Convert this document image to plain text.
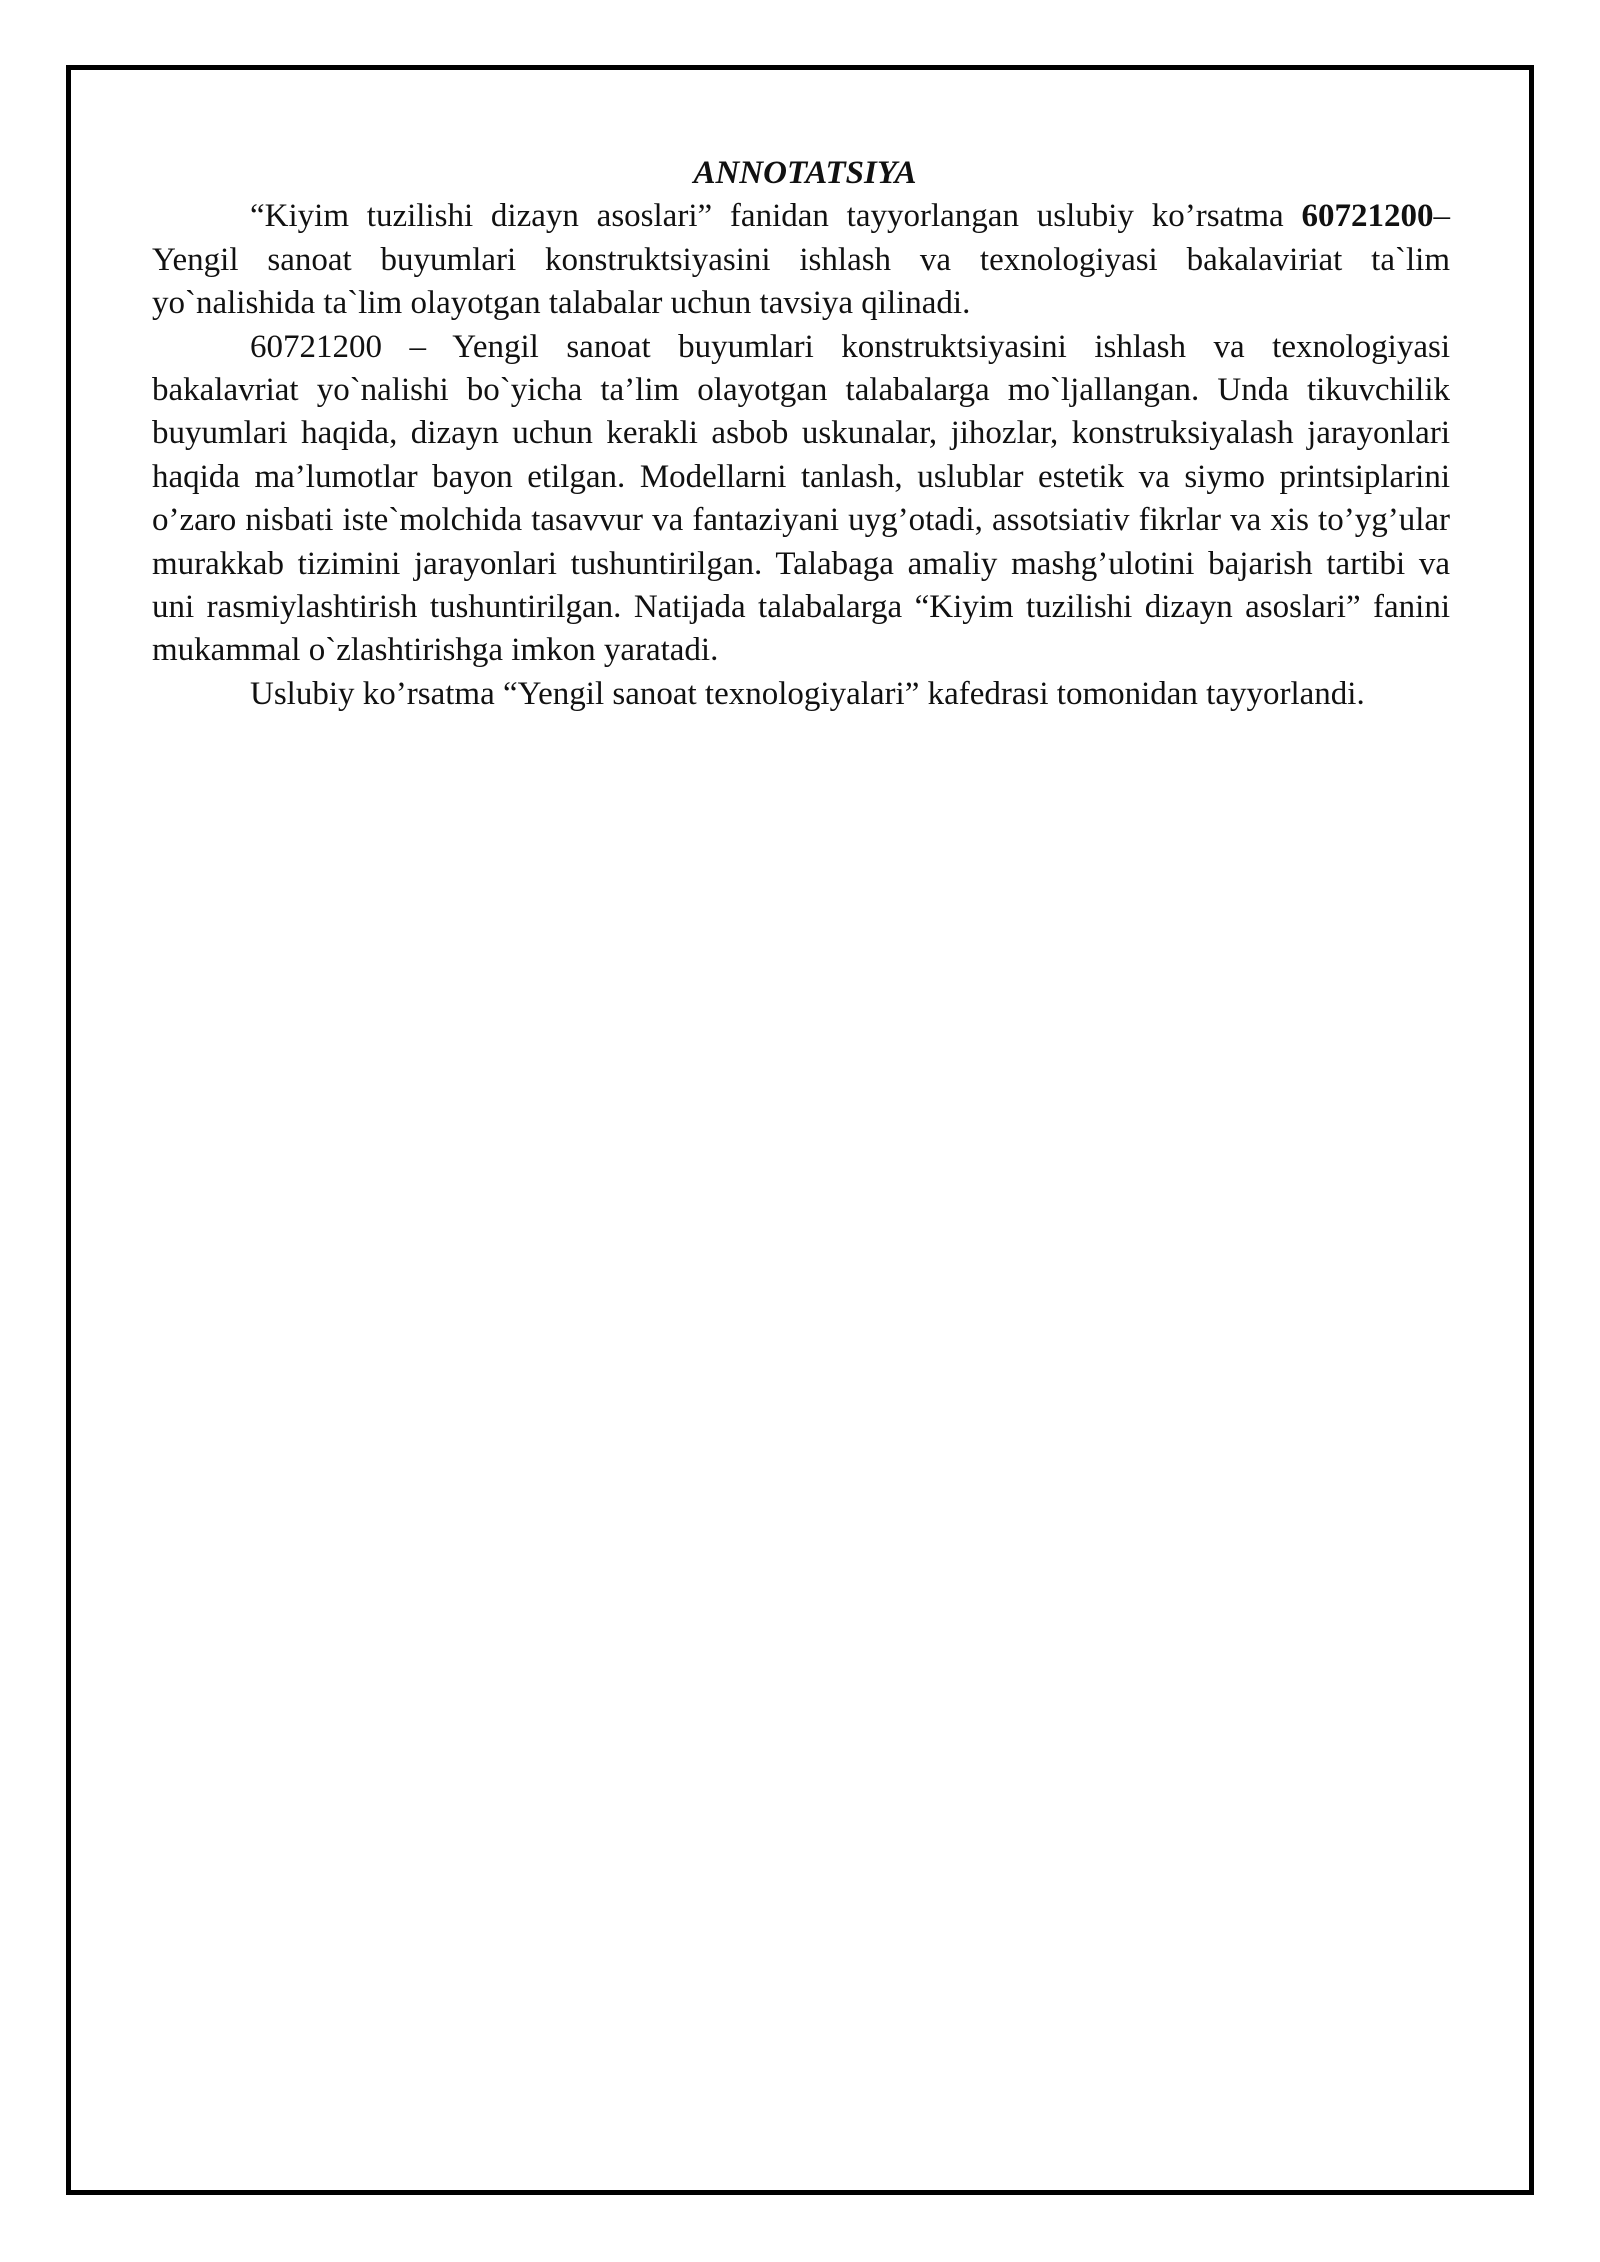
ANNOTATSIYA

“Kiyim tuzilishi dizayn asoslari” fanidan tayyorlangan uslubiy ko’rsatma 60721200– Yengil sanoat buyumlari konstruktsiyasini ishlash va texnologiyasi bakalaviriat ta`lim yo`nalishida ta`lim olayotgan talabalar uchun tavsiya qilinadi.

60721200 – Yengil sanoat buyumlari konstruktsiyasini ishlash va texnologiyasi bakalavriat yo`nalishi bo`yicha ta’lim olayotgan talabalarga mo`ljallangan. Unda tikuvchilik buyumlari haqida, dizayn uchun kerakli asbob uskunalar, jihozlar, konstruksiyalash jarayonlari haqida ma’lumotlar bayon etilgan. Modellarni tanlash, uslublar estetik va siymo printsiplarini o’zaro nisbati iste`molchida tasavvur va fantaziyani uyg’otadi, assotsiativ fikrlar va xis to’yg’ular murakkab tizimini jarayonlari tushuntirilgan. Talabaga amaliy mashg’ulotini bajarish tartibi va uni rasmiylashtirish tushuntirilgan. Natijada talabalarga “Kiyim tuzilishi dizayn asoslari” fanini mukammal o`zlashtirishga imkon yaratadi.

Uslubiy ko’rsatma “Yengil sanoat texnologiyalari” kafedrasi tomonidan tayyorlandi.
